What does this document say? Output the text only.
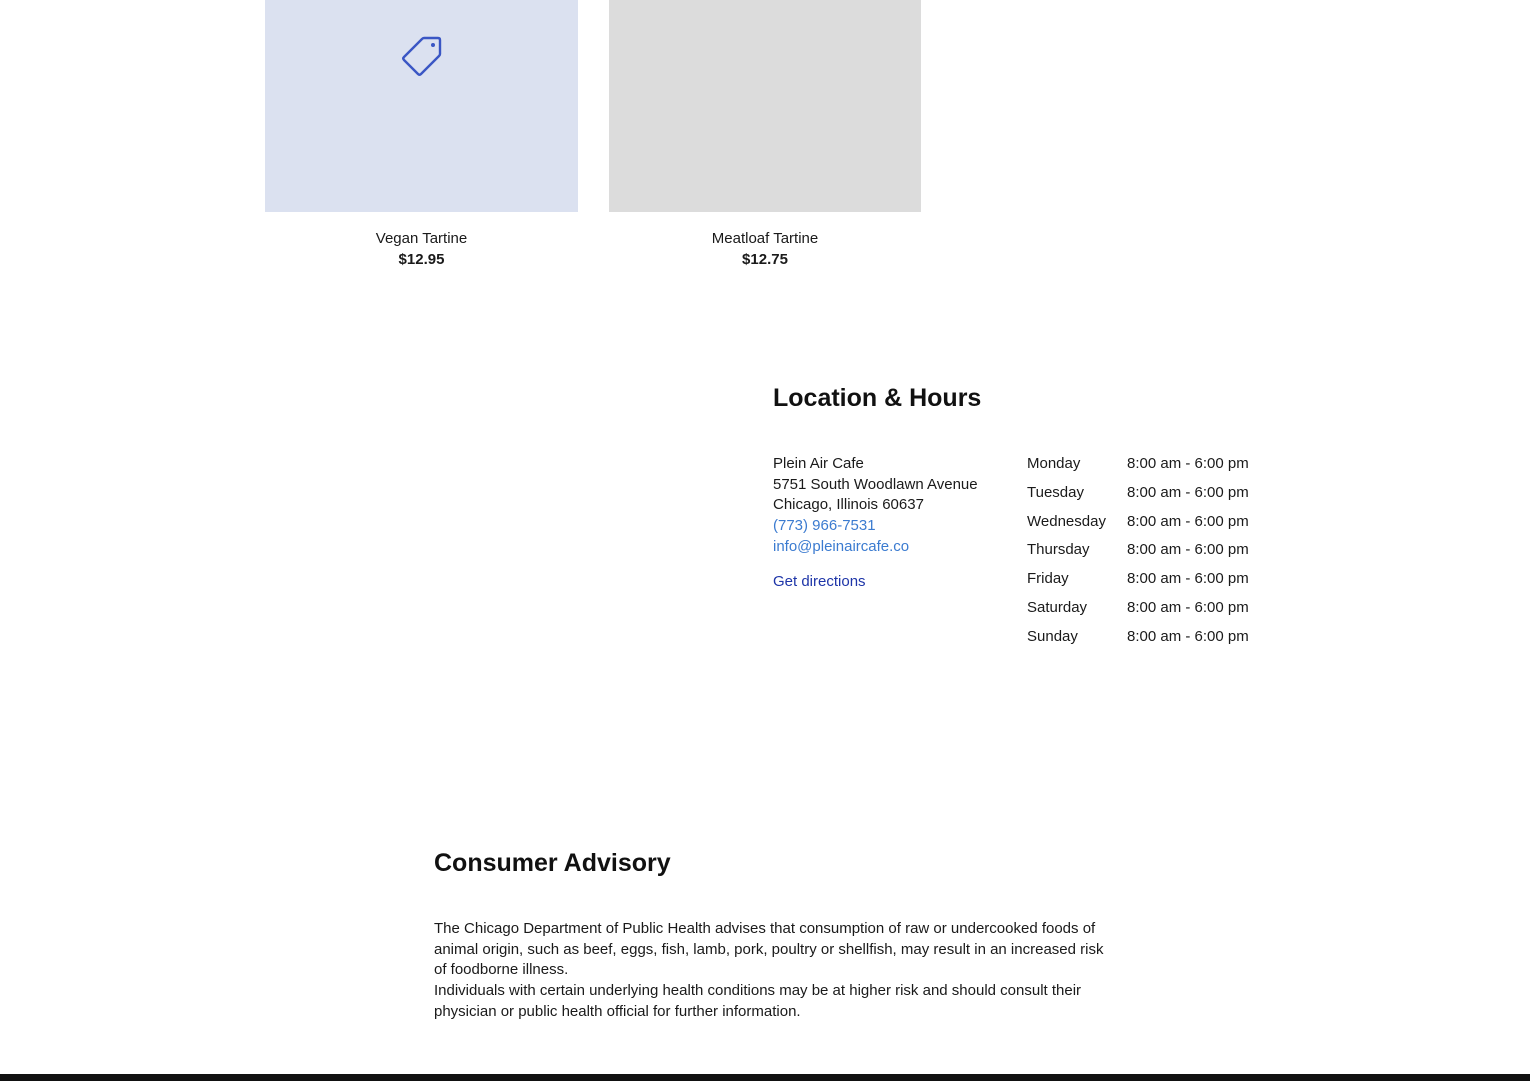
Vegan Tartine
$12.95
Meatloaf Tartine
$12.75
Location & Hours
Plein Air Cafe
5751 South Woodlawn Avenue
Chicago, Illinois 60637
(773) 966-7531
info@pleinaircafe.co
Get directions
Monday	8:00 am - 6:00 pm
Tuesday	8:00 am - 6:00 pm
Wednesday	8:00 am - 6:00 pm
Thursday	8:00 am - 6:00 pm
Friday	8:00 am - 6:00 pm
Saturday	8:00 am - 6:00 pm
Sunday	8:00 am - 6:00 pm
Consumer Advisory

The Chicago Department of Public Health advises that consumption of raw or undercooked foods of animal origin, such as beef, eggs, fish, lamb, pork, poultry or shellfish, may result in an increased risk of foodborne illness.

Individuals with certain underlying health conditions may be at higher risk and should consult their physician or public health official for further information.
